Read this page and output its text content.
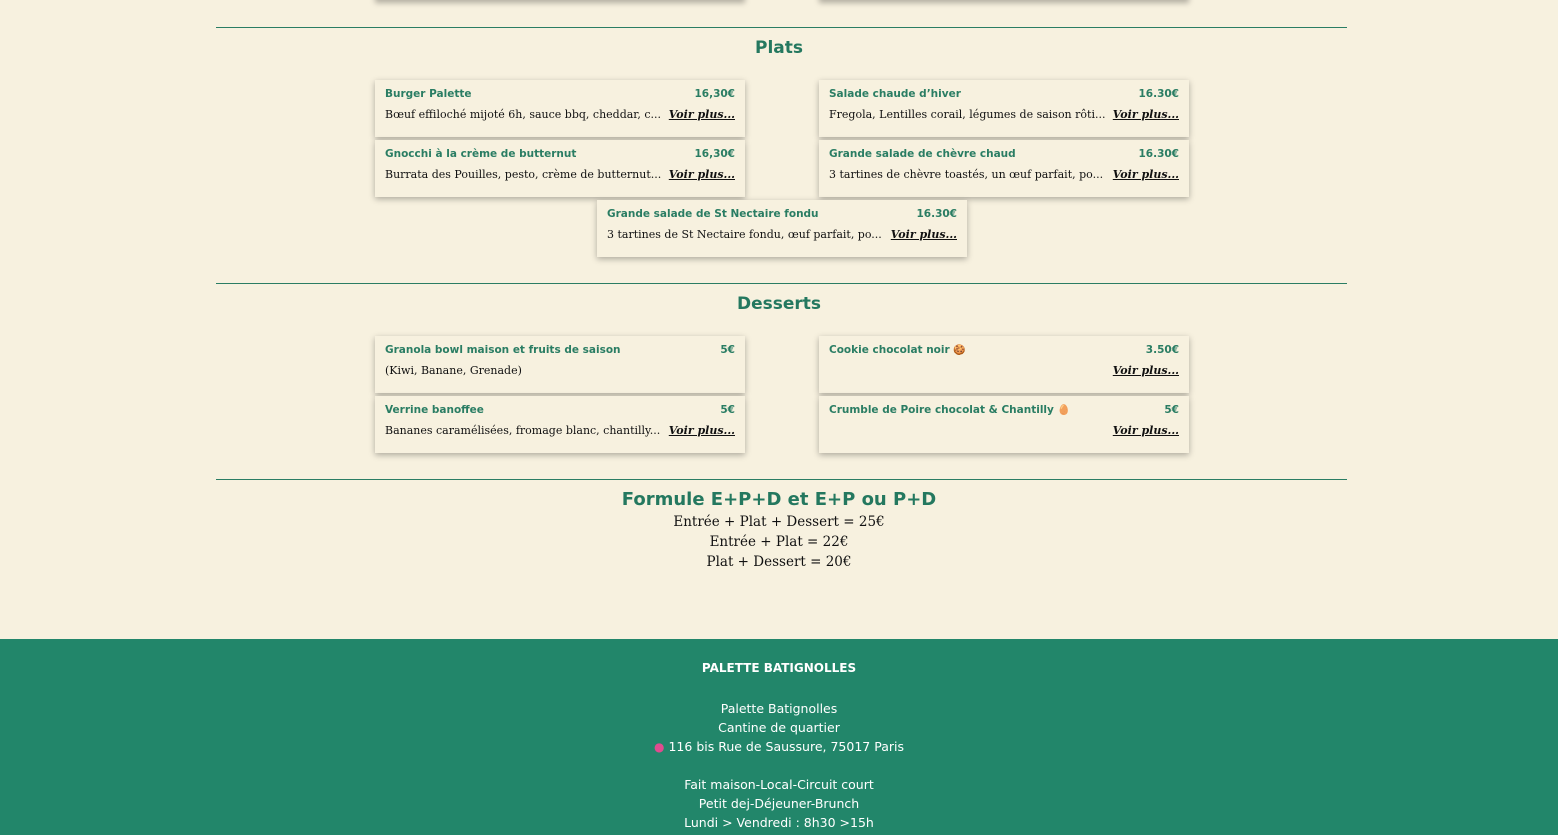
Plats
Burger Palette	16,30€
Bœuf effiloché mijoté 6h, sauce bbq, cheddar, c... Voir plus...
Salade chaude d’hiver	16.30€
Fregola, Lentilles corail, légumes de saison rôti... Voir plus...
Gnocchi à la crème de butternut	16,30€
Burrata des Pouilles, pesto, crème de butternut... Voir plus...
Grande salade de chèvre chaud	16.30€
3 tartines de chèvre toastés, un œuf parfait, po... Voir plus...
Grande salade de St Nectaire fondu	16.30€
3 tartines de St Nectaire fondu, œuf parfait, po... Voir plus...
Desserts
Granola bowl maison et fruits de saison	5€
(Kiwi, Banane, Grenade)
Cookie chocolat noir 🍪	3.50€
Voir plus...
Verrine banoffee	5€
Bananes caramélisées, fromage blanc, chantilly... Voir plus...
Crumble de Poire chocolat & Chantilly 🥚	5€
Voir plus...
Formule E+P+D et E+P ou P+D
Entrée + Plat + Dessert = 25€
Entrée + Plat = 22€
Plat + Dessert = 20€
PALETTE BATIGNOLLES
Palette Batignolles
Cantine de quartier
● 116 bis Rue de Saussure, 75017 Paris
Fait maison-Local-Circuit court
Petit dej-Déjeuner-Brunch
Lundi > Vendredi : 8h30 >15h
